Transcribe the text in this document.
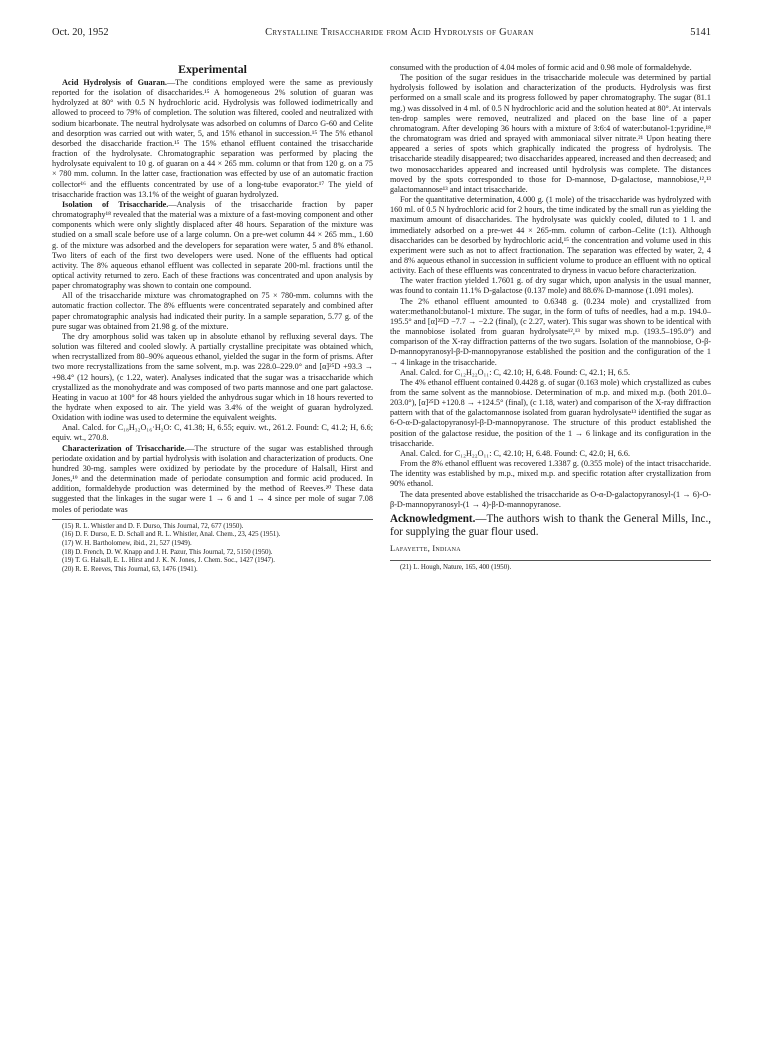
Oct. 20, 1952	Crystalline Trisaccharide from Acid Hydrolysis of Guaran	5141
Experimental

Acid Hydrolysis of Guaran.—The conditions employed were the same as previously reported for the isolation of disaccharides.¹⁵ A homogeneous 2% solution of guaran was hydrolyzed at 80° with 0.5 N hydrochloric acid. Hydrolysis was followed iodimetrically and allowed to proceed to 79% of completion. The solution was filtered, cooled and neutralized with sodium bicarbonate. The neutral hydrolysate was adsorbed on columns of Darco G-60 and Celite and desorption was carried out with water, 5, and 15% ethanol in succession.¹⁵ The 5% ethanol desorbed the disaccharide fraction.¹⁵ The 15% ethanol effluent contained the trisaccharide fraction of the hydrolysate. Chromatographic separation was performed by placing the hydrolysate equivalent to 10 g. of guaran on a 44 × 265 mm. column or that from 120 g. on a 75 × 780 mm. column. In the latter case, fractionation was effected by use of an automatic fraction collector¹⁶ and the effluents concentrated by use of a long-tube evaporator.¹⁷ The yield of trisaccharide fraction was 13.1% of the weight of guaran hydrolyzed.

Isolation of Trisaccharide.—Analysis of the trisaccharide fraction by paper chromatography¹⁸ revealed that the material was a mixture of a fast-moving component and other components which were only slightly displaced after 48 hours. Separation of the mixture was studied on a small scale before use of a large column. On a pre-wet column 44 × 265 mm., 1.60 g. of the mixture was adsorbed and the developers for separation were water, 5 and 8% ethanol. Two liters of each of the first two developers were used. None of the effluents had optical activity. The 8% aqueous ethanol effluent was collected in separate 200-ml. fractions until the optical activity returned to zero. Each of these fractions was concentrated and upon analysis by paper chromatography was shown to contain one compound.

All of the trisaccharide mixture was chromatographed on 75 × 780-mm. columns with the automatic fraction collector. The 8% effluents were concentrated separately and combined after paper chromatographic analysis had indicated their purity. In a sample separation, 5.77 g. of the pure sugar was obtained from 21.98 g. of the mixture.

The dry amorphous solid was taken up in absolute ethanol by refluxing several days. The solution was filtered and cooled slowly. A partially crystalline precipitate was obtained which, when recrystallized from 80–90% aqueous ethanol, yielded the sugar in the form of prisms. After two more recrystallizations from the same solvent, m.p. was 228.0–229.0° and [α]²⁵D +93.3 → +98.4° (12 hours), (c 1.22, water). Analyses indicated that the sugar was a trisaccharide which crystallized as the monohydrate and was composed of two parts mannose and one part galactose. Heating in vacuo at 100° for 48 hours yielded the anhydrous sugar which in 18 hours reverted to the hydrate when exposed to air. The yield was 3.4% of the weight of guaran hydrolyzed. Oxidation with iodine was used to determine the equivalent weights.

Anal. Calcd. for C₁₈H₃₂O₁₆·H₂O: C, 41.38; H, 6.55; equiv. wt., 261.2. Found: C, 41.2; H, 6.6; equiv. wt., 270.8.

Characterization of Trisaccharide.—The structure of the sugar was established through periodate oxidation and by partial hydrolysis with isolation and characterization of products. One hundred 30-mg. samples were oxidized by periodate by the procedure of Halsall, Hirst and Jones,¹⁹ and the determination made of periodate consumption and formic acid produced. In addition, formaldehyde production was determined by the method of Reeves.²⁰ These data suggested that the linkages in the sugar were 1 → 6 and 1 → 4 since per mole of sugar 7.08 moles of periodate was

(15) R. L. Whistler and D. F. Durso, This Journal, 72, 677 (1950).
(16) D. F. Durso, E. D. Schall and R. L. Whistler, Anal. Chem., 23, 425 (1951).
(17) W. H. Bartholomew, ibid., 21, 527 (1949).
(18) D. French, D. W. Knapp and J. H. Pazur, This Journal, 72, 5150 (1950).
(19) T. G. Halsall, E. L. Hirst and J. K. N. Jones, J. Chem. Soc., 1427 (1947).
(20) R. E. Reeves, This Journal, 63, 1476 (1941).

consumed with the production of 4.04 moles of formic acid and 0.98 mole of formaldehyde.

The position of the sugar residues in the trisaccharide molecule was determined by partial hydrolysis followed by isolation and characterization of the products. Hydrolysis was first performed on a small scale and its progress followed by paper chromatography. The sugar (81.1 mg.) was dissolved in 4 ml. of 0.5 N hydrochloric acid and the solution heated at 80°. At intervals ten-drop samples were removed, neutralized and placed on the base line of a paper chromatogram. After developing 36 hours with a mixture of 3:6:4 of water:butanol-1:pyridine,¹⁸ the chromatogram was dried and sprayed with ammoniacal silver nitrate.²¹ Upon heating there appeared a series of spots which graphically indicated the progress of hydrolysis. The trisaccharide steadily disappeared; two disaccharides appeared, increased and then decreased; and two monosaccharides appeared and increased until hydrolysis was complete. The distances moved by the spots corresponded to those for D-mannose, D-galactose, mannobiose,¹²,¹³ galactomannose¹³ and intact trisaccharide.

For the quantitative determination, 4.000 g. (1 mole) of the trisaccharide was hydrolyzed with 160 ml. of 0.5 N hydrochloric acid for 2 hours, the time indicated by the small run as yielding the maximum amount of disaccharides. The hydrolysate was quickly cooled, diluted to 1 l. and immediately adsorbed on a pre-wet 44 × 265-mm. column of carbon–Celite (1:1). Although disaccharides can be desorbed by hydrochloric acid,¹⁵ the concentration and volume used in this experiment were such as not to affect fractionation. The separation was effected by water, 2, 4 and 8% aqueous ethanol in succession in sufficient volume to produce an effluent with no optical activity. Each of these effluents was concentrated to dryness in vacuo before characterization.

The water fraction yielded 1.7601 g. of dry sugar which, upon analysis in the usual manner, was found to contain 11.1% D-galactose (0.137 mole) and 88.6% D-mannose (1.091 moles).

The 2% ethanol effluent amounted to 0.6348 g. (0.234 mole) and crystallized from water:methanol:butanol-1 mixture. The sugar, in the form of tufts of needles, had a m.p. 194.0–195.5° and [α]²⁵D −7.7 → −2.2 (final), (c 2.27, water). This sugar was shown to be identical with the mannobiose isolated from guaran hydrolysate¹²,¹³ by mixed m.p. (193.5–195.0°) and comparison of the X-ray diffraction patterns of the two sugars. Isolation of the mannobiose, O-β-D-mannopyranosyl-β-D-mannopyranose established the position and the configuration of the 1 → 4 linkage in the trisaccharide.

Anal. Calcd. for C₁₂H₂₂O₁₁: C, 42.10; H, 6.48. Found: C, 42.1; H, 6.5.

The 4% ethanol effluent contained 0.4428 g. of sugar (0.163 mole) which crystallized as cubes from the same solvent as the mannobiose. Determination of m.p. and mixed m.p. (both 201.0–203.0°), [α]²⁵D +120.8 → +124.5° (final), (c 1.18, water) and comparison of the X-ray diffraction pattern with that of the galactomannose isolated from guaran hydrolysate¹³ identified the sugar as 6-O-α-D-galactopyranosyl-β-D-mannopyranose. The structure of this product established the position of the galactose residue, the position of the 1 → 6 linkage and its configuration in the trisaccharide.

Anal. Calcd. for C₁₂H₂₂O₁₁: C, 42.10; H, 6.48. Found: C, 42.0; H, 6.6.

From the 8% ethanol effluent was recovered 1.3387 g. (0.355 mole) of the intact trisaccharide. The identity was established by m.p., mixed m.p. and specific rotation after crystallization from 90% ethanol.

The data presented above established the trisaccharide as O-α-D-galactopyranosyl-(1 → 6)-O-β-D-mannopyranosyl-(1 → 4)-β-D-mannopyranose.

Acknowledgment.—The authors wish to thank the General Mills, Inc., for supplying the guar flour used.
Lafayette, Indiana
(21) L. Hough, Nature, 165, 400 (1950).
